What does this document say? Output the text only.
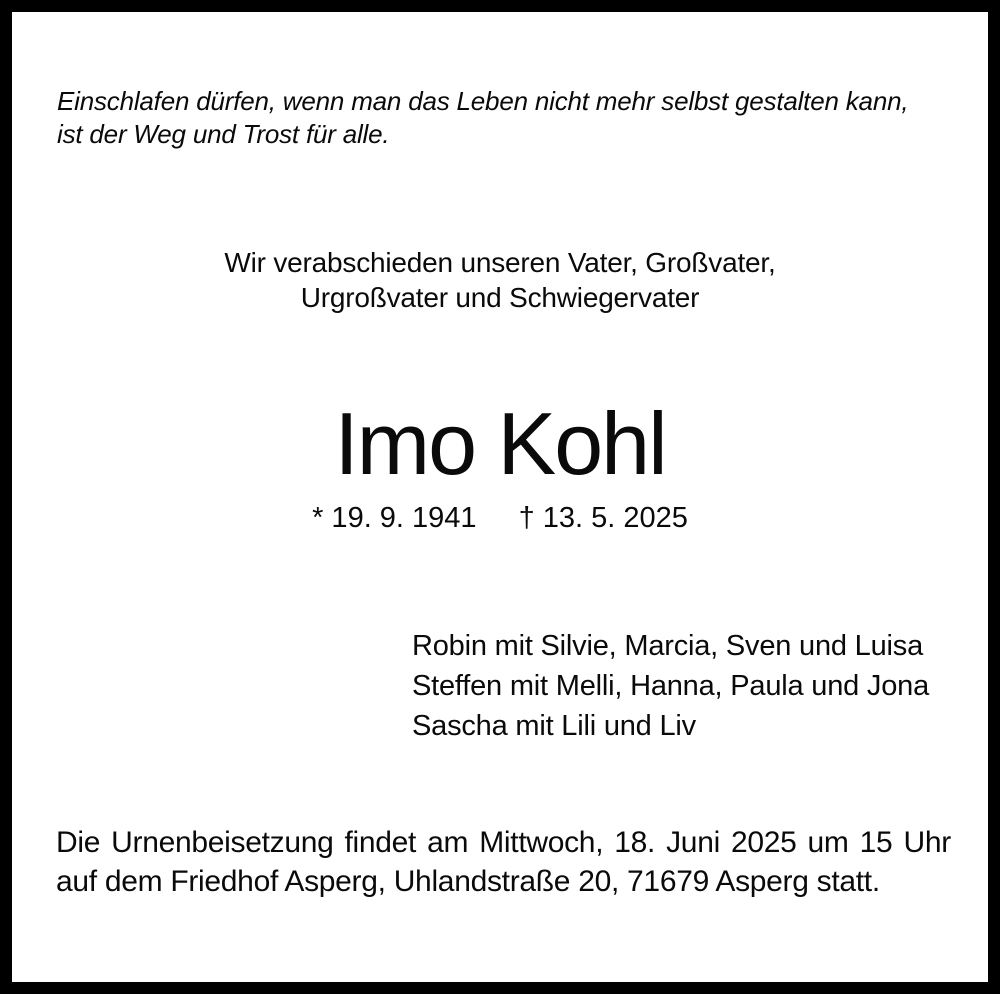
Einschlafen dürfen, wenn man das Leben nicht mehr selbst gestalten kann,
ist der Weg und Trost für alle.
Wir verabschieden unseren Vater, Großvater,
Urgroßvater und Schwiegervater
Imo Kohl
* 19. 9. 1941 † 13. 5. 2025
Robin mit Silvie, Marcia, Sven und Luisa
Steffen mit Melli, Hanna, Paula und Jona
Sascha mit Lili und Liv
Die Urnenbeisetzung findet am Mittwoch, 18. Juni 2025 um 15 Uhr
auf dem Friedhof Asperg, Uhlandstraße 20, 71679 Asperg statt.
